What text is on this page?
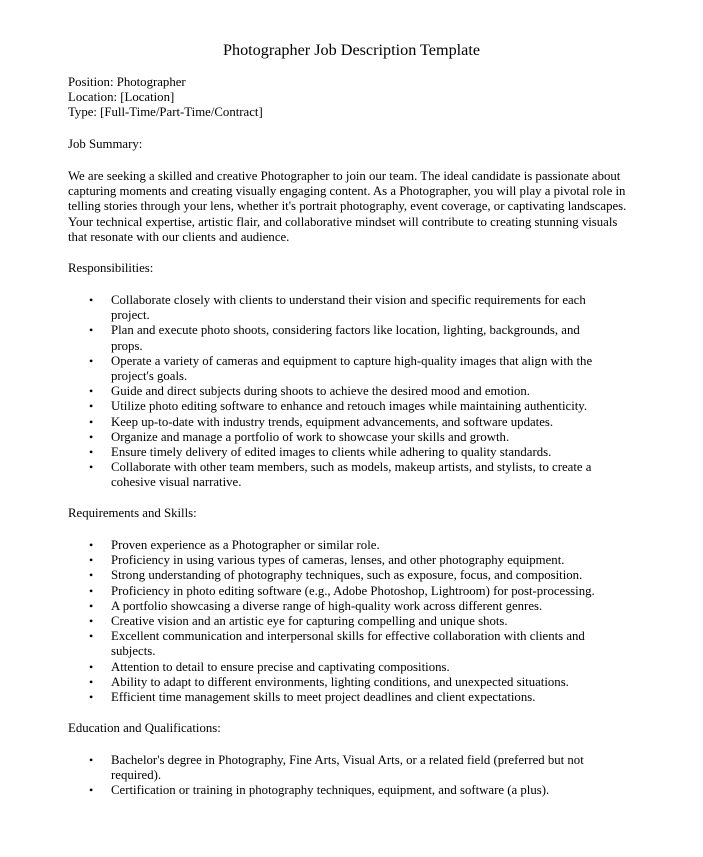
Photographer Job Description Template
Position: Photographer
Location: [Location]
Type: [Full-Time/Part-Time/Contract]
Job Summary:

We are seeking a skilled and creative Photographer to join our team. The ideal candidate is passionate about capturing moments and creating visually engaging content. As a Photographer, you will play a pivotal role in telling stories through your lens, whether it's portrait photography, event coverage, or captivating landscapes. Your technical expertise, artistic flair, and collaborative mindset will contribute to creating stunning visuals that resonate with our clients and audience.

Responsibilities:
• Collaborate closely with clients to understand their vision and specific requirements for each project.
• Plan and execute photo shoots, considering factors like location, lighting, backgrounds, and props.
• Operate a variety of cameras and equipment to capture high-quality images that align with the project's goals.
• Guide and direct subjects during shoots to achieve the desired mood and emotion.
• Utilize photo editing software to enhance and retouch images while maintaining authenticity.
• Keep up-to-date with industry trends, equipment advancements, and software updates.
• Organize and manage a portfolio of work to showcase your skills and growth.
• Ensure timely delivery of edited images to clients while adhering to quality standards.
• Collaborate with other team members, such as models, makeup artists, and stylists, to create a cohesive visual narrative.
Requirements and Skills:
• Proven experience as a Photographer or similar role.
• Proficiency in using various types of cameras, lenses, and other photography equipment.
• Strong understanding of photography techniques, such as exposure, focus, and composition.
• Proficiency in photo editing software (e.g., Adobe Photoshop, Lightroom) for post-processing.
• A portfolio showcasing a diverse range of high-quality work across different genres.
• Creative vision and an artistic eye for capturing compelling and unique shots.
• Excellent communication and interpersonal skills for effective collaboration with clients and subjects.
• Attention to detail to ensure precise and captivating compositions.
• Ability to adapt to different environments, lighting conditions, and unexpected situations.
• Efficient time management skills to meet project deadlines and client expectations.
Education and Qualifications:
• Bachelor's degree in Photography, Fine Arts, Visual Arts, or a related field (preferred but not required).
• Certification or training in photography techniques, equipment, and software (a plus).
